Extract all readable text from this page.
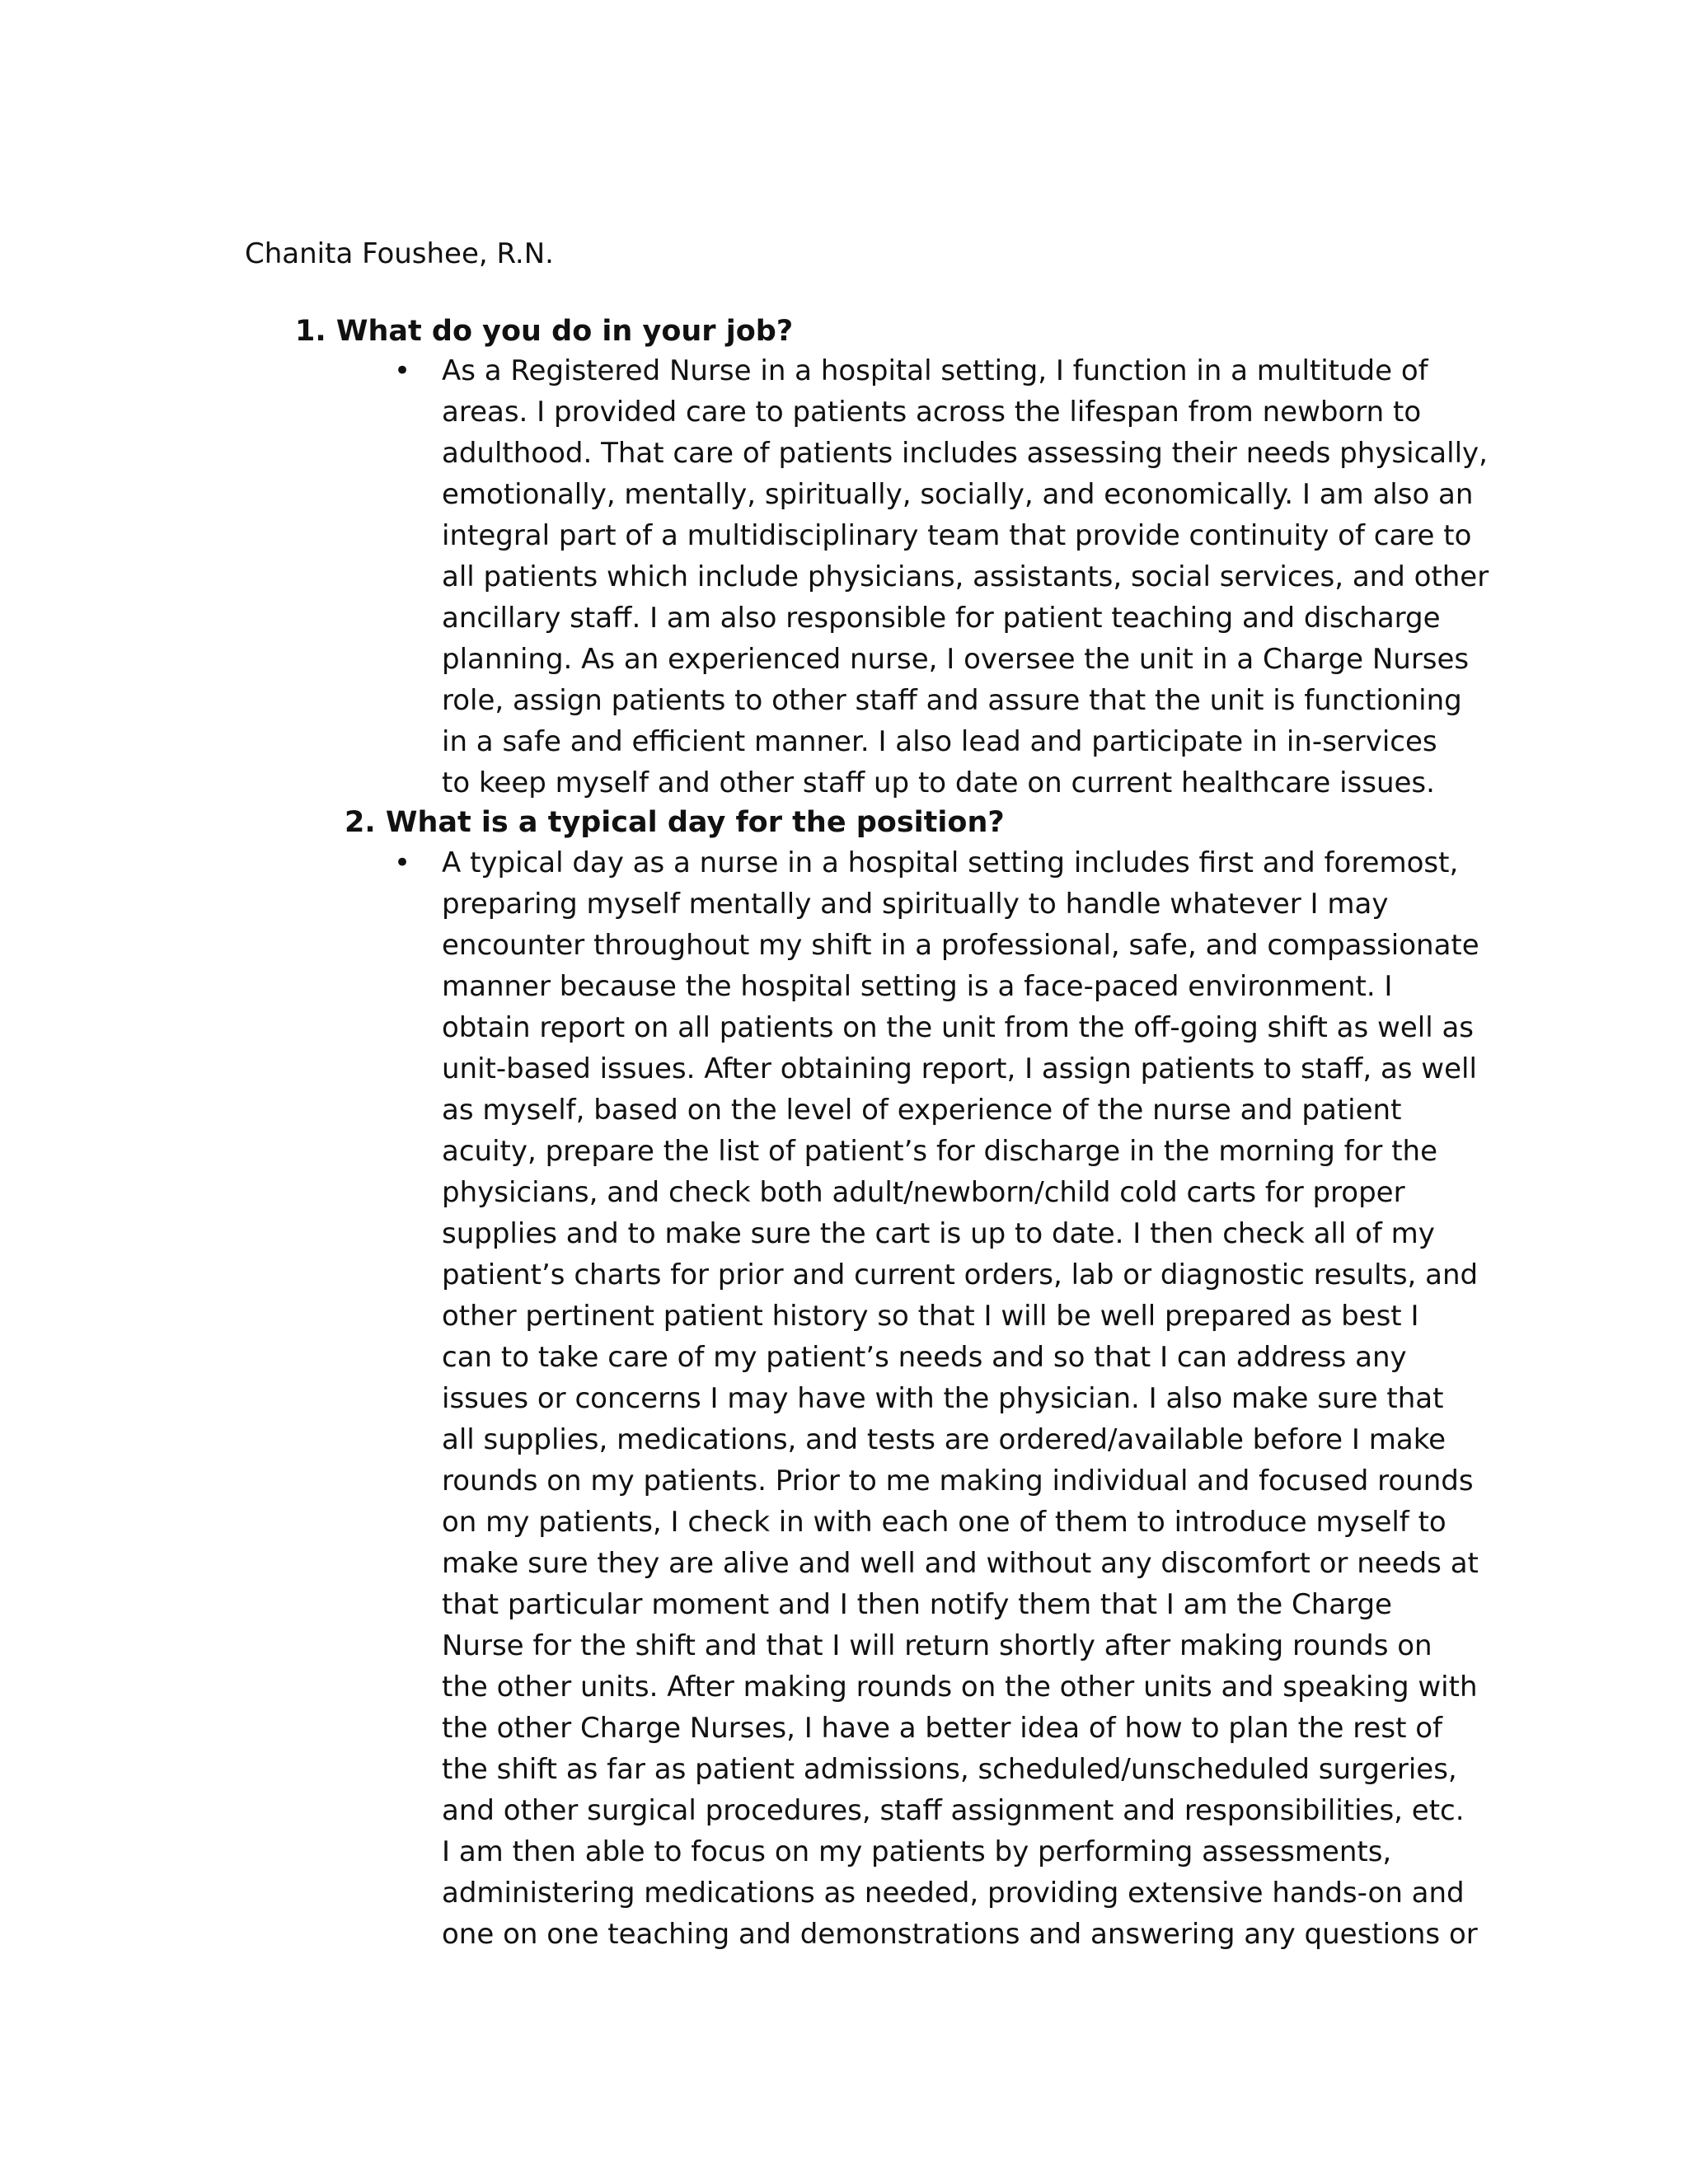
Chanita Foushee, R.N.
1. What do you do in your job?
• As a Registered Nurse in a hospital setting, I function in a multitude of
areas. I provided care to patients across the lifespan from newborn to
adulthood. That care of patients includes assessing their needs physically,
emotionally, mentally, spiritually, socially, and economically. I am also an
integral part of a multidisciplinary team that provide continuity of care to
all patients which include physicians, assistants, social services, and other
ancillary staff. I am also responsible for patient teaching and discharge
planning. As an experienced nurse, I oversee the unit in a Charge Nurses
role, assign patients to other staff and assure that the unit is functioning
in a safe and efficient manner. I also lead and participate in in-services
to keep myself and other staff up to date on current healthcare issues.
2. What is a typical day for the position?
• A typical day as a nurse in a hospital setting includes first and foremost,
preparing myself mentally and spiritually to handle whatever I may
encounter throughout my shift in a professional, safe, and compassionate
manner because the hospital setting is a face-paced environment. I
obtain report on all patients on the unit from the off-going shift as well as
unit-based issues. After obtaining report, I assign patients to staff, as well
as myself, based on the level of experience of the nurse and patient
acuity, prepare the list of patient’s for discharge in the morning for the
physicians, and check both adult/newborn/child cold carts for proper
supplies and to make sure the cart is up to date. I then check all of my
patient’s charts for prior and current orders, lab or diagnostic results, and
other pertinent patient history so that I will be well prepared as best I
can to take care of my patient’s needs and so that I can address any
issues or concerns I may have with the physician. I also make sure that
all supplies, medications, and tests are ordered/available before I make
rounds on my patients. Prior to me making individual and focused rounds
on my patients, I check in with each one of them to introduce myself to
make sure they are alive and well and without any discomfort or needs at
that particular moment and I then notify them that I am the Charge
Nurse for the shift and that I will return shortly after making rounds on
the other units. After making rounds on the other units and speaking with
the other Charge Nurses, I have a better idea of how to plan the rest of
the shift as far as patient admissions, scheduled/unscheduled surgeries,
and other surgical procedures, staff assignment and responsibilities, etc.
I am then able to focus on my patients by performing assessments,
administering medications as needed, providing extensive hands-on and
one on one teaching and demonstrations and answering any questions or
